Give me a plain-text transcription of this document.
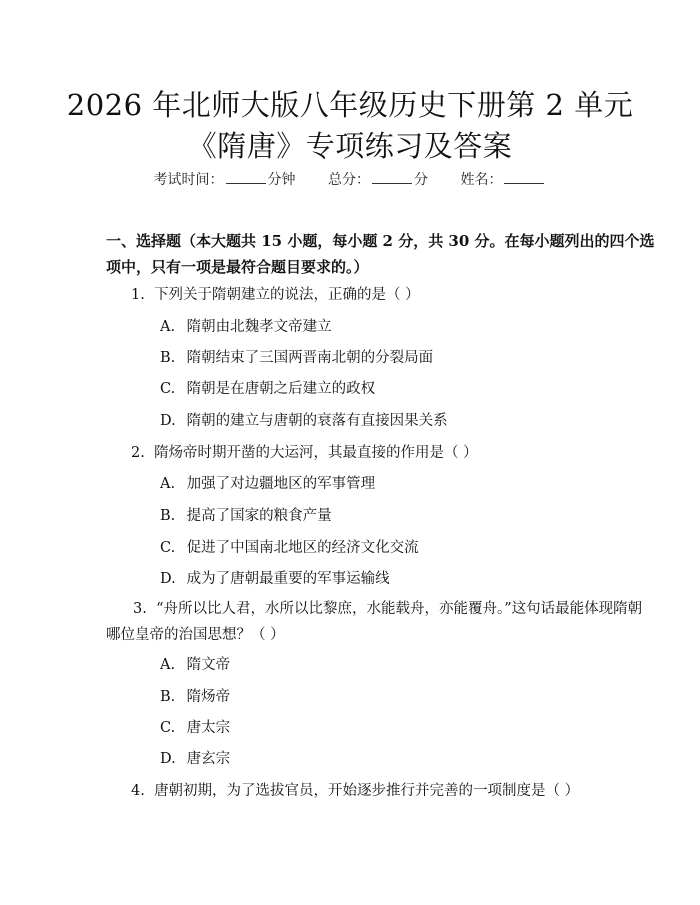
2026 年北师大版八年级历史下册第 2 单元
《隋唐》专项练习及答案
考试时间：	分钟 总分：	分 姓名：
一、选择题（本大题共 15 小题，每小题 2 分，共 30 分。在每小题列出的四个选项中，只有一项是最符合题目要求的。）
1. 下列关于隋朝建立的说法，正确的是（ ）
A. 隋朝由北魏孝文帝建立
B. 隋朝结束了三国两晋南北朝的分裂局面
C. 隋朝是在唐朝之后建立的政权
D. 隋朝的建立与唐朝的衰落有直接因果关系
2. 隋炀帝时期开凿的大运河，其最直接的作用是（ ）
A. 加强了对边疆地区的军事管理
B. 提高了国家的粮食产量
C. 促进了中国南北地区的经济文化交流
D. 成为了唐朝最重要的军事运输线
3. “舟所以比人君，水所以比黎庶，水能载舟，亦能覆舟。”这句话最能体现隋朝哪位皇帝的治国思想？（ ）
A. 隋文帝
B. 隋炀帝
C. 唐太宗
D. 唐玄宗
4. 唐朝初期，为了选拔官员，开始逐步推行并完善的一项制度是（ ）
